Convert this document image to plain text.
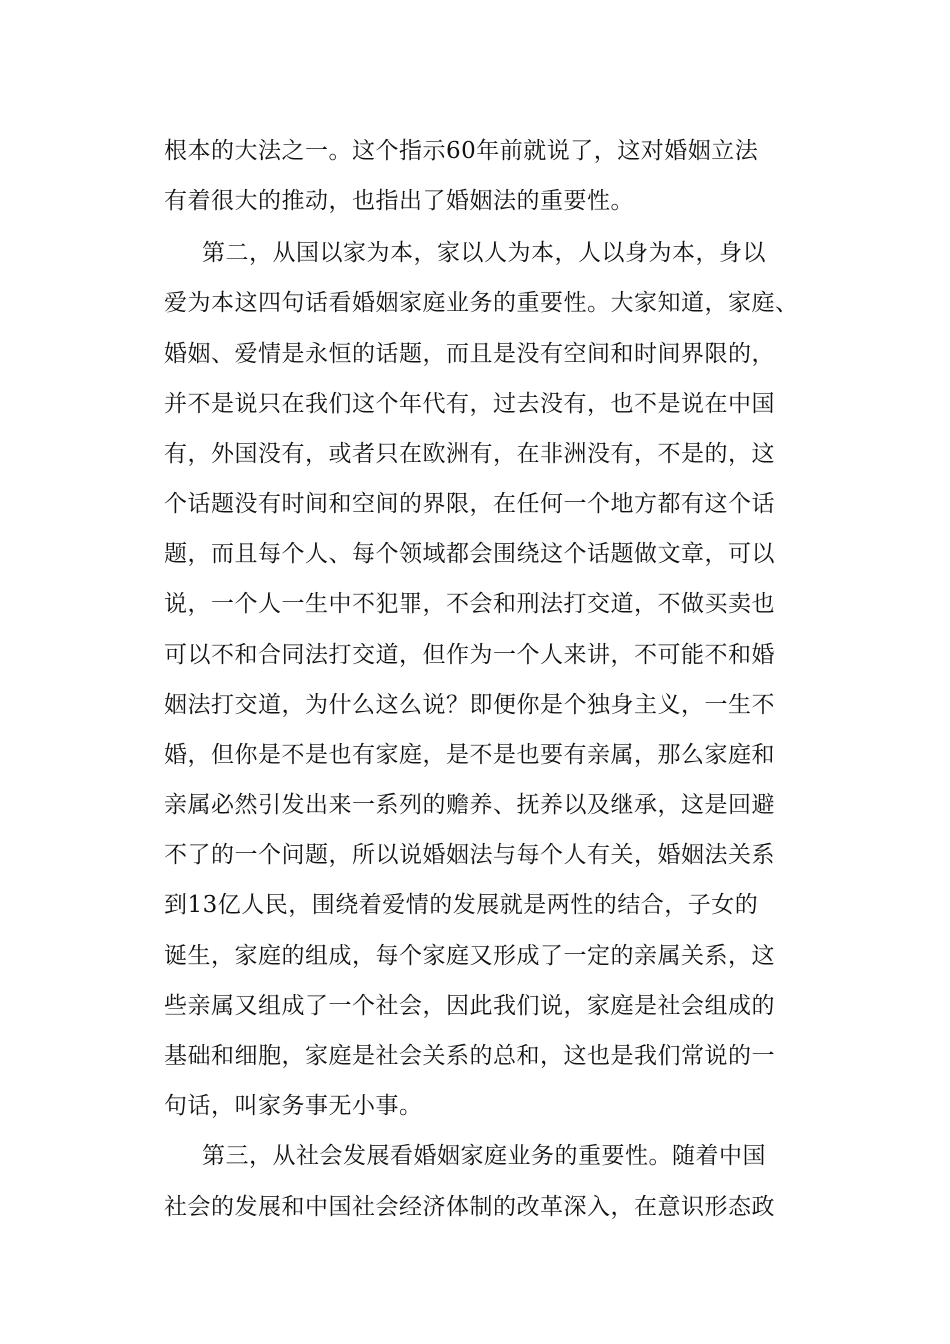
根本的大法之一。这个指示60年前就说了，这对婚姻立法
有着很大的推动，也指出了婚姻法的重要性。
第二，从国以家为本，家以人为本，人以身为本，身以
爱为本这四句话看婚姻家庭业务的重要性。大家知道，家庭、
婚姻、爱情是永恒的话题，而且是没有空间和时间界限的，
并不是说只在我们这个年代有，过去没有，也不是说在中国
有，外国没有，或者只在欧洲有，在非洲没有，不是的，这
个话题没有时间和空间的界限，在任何一个地方都有这个话
题，而且每个人、每个领域都会围绕这个话题做文章，可以
说，一个人一生中不犯罪，不会和刑法打交道，不做买卖也
可以不和合同法打交道，但作为一个人来讲，不可能不和婚
姻法打交道，为什么这么说？即便你是个独身主义，一生不
婚，但你是不是也有家庭，是不是也要有亲属，那么家庭和
亲属必然引发出来一系列的赡养、抚养以及继承，这是回避
不了的一个问题，所以说婚姻法与每个人有关，婚姻法关系
到13亿人民，围绕着爱情的发展就是两性的结合，子女的
诞生，家庭的组成，每个家庭又形成了一定的亲属关系，这
些亲属又组成了一个社会，因此我们说，家庭是社会组成的
基础和细胞，家庭是社会关系的总和，这也是我们常说的一
句话，叫家务事无小事。
第三，从社会发展看婚姻家庭业务的重要性。随着中国
社会的发展和中国社会经济体制的改革深入，在意识形态政
